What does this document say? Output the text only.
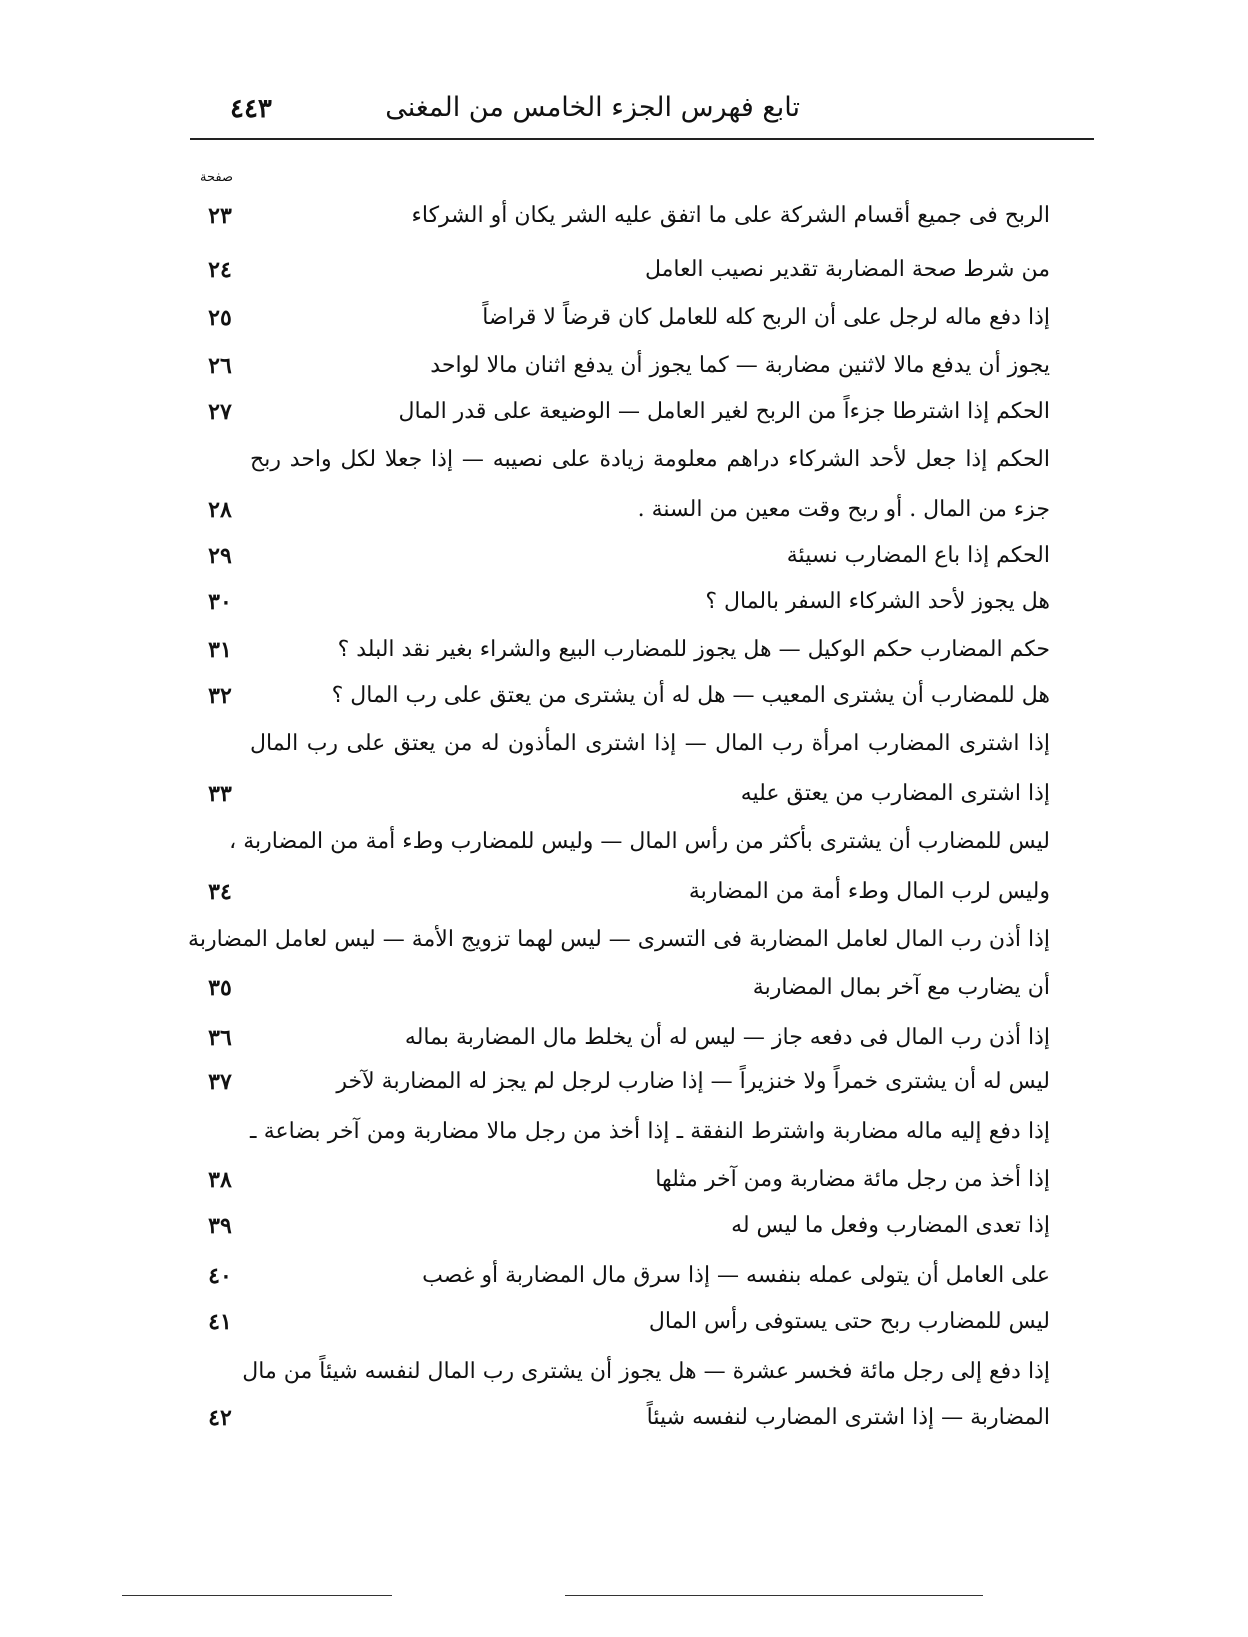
٤٤٣	تابع فهرس الجزء الخامس من المغنى
صفحة
الربح فى جميع أقسام الشركة على ما اتفق عليه الشر يكان أو الشركاء
٢٣
من شرط صحة المضاربة تقدير نصيب العامل
٢٤
إذا دفع ماله لرجل على أن الربح كله للعامل كان قرضاً لا قراضاً
٢٥
يجوز أن يدفع مالا لاثنين مضاربة — كما يجوز أن يدفع اثنان مالا لواحد
٢٦
الحكم إذا اشترطا جزءاً من الربح لغير العامل — الوضيعة على قدر المال
٢٧
الحكم إذا جعل لأحد الشركاء دراهم معلومة زيادة على نصيبه — إذا جعلا لكل واحد ربح
جزء من المال . أو ربح وقت معين من السنة .
٢٨
الحكم إذا باع المضارب نسيئة
٢٩
هل يجوز لأحد الشركاء السفر بالمال ؟
٣٠
حكم المضارب حكم الوكيل — هل يجوز للمضارب البيع والشراء بغير نقد البلد ؟
٣١
هل للمضارب أن يشترى المعيب — هل له أن يشترى من يعتق على رب المال ؟
٣٢
إذا اشترى المضارب امرأة رب المال — إذا اشترى المأذون له من يعتق على رب المال
إذا اشترى المضارب من يعتق عليه
٣٣
ليس للمضارب أن يشترى بأكثر من رأس المال — وليس للمضارب وطء أمة من المضاربة ،
وليس لرب المال وطء أمة من المضاربة
٣٤
إذا أذن رب المال لعامل المضاربة فى التسرى — ليس لهما تزويج الأمة — ليس لعامل المضاربة
أن يضارب مع آخر بمال المضاربة
٣٥
إذا أذن رب المال فى دفعه جاز — ليس له أن يخلط مال المضاربة بماله
٣٦
ليس له أن يشترى خمراً ولا خنزيراً — إذا ضارب لرجل لم يجز له المضاربة لآخر
٣٧
إذا دفع إليه ماله مضاربة واشترط النفقة ـ إذا أخذ من رجل مالا مضاربة ومن آخر بضاعة ـ
إذا أخذ من رجل مائة مضاربة ومن آخر مثلها
٣٨
إذا تعدى المضارب وفعل ما ليس له
٣٩
على العامل أن يتولى عمله بنفسه — إذا سرق مال المضاربة أو غصب
٤٠
ليس للمضارب ربح حتى يستوفى رأس المال
٤١
إذا دفع إلى رجل مائة فخسر عشرة — هل يجوز أن يشترى رب المال لنفسه شيئاً من مال
المضاربة — إذا اشترى المضارب لنفسه شيئاً
٤٢
